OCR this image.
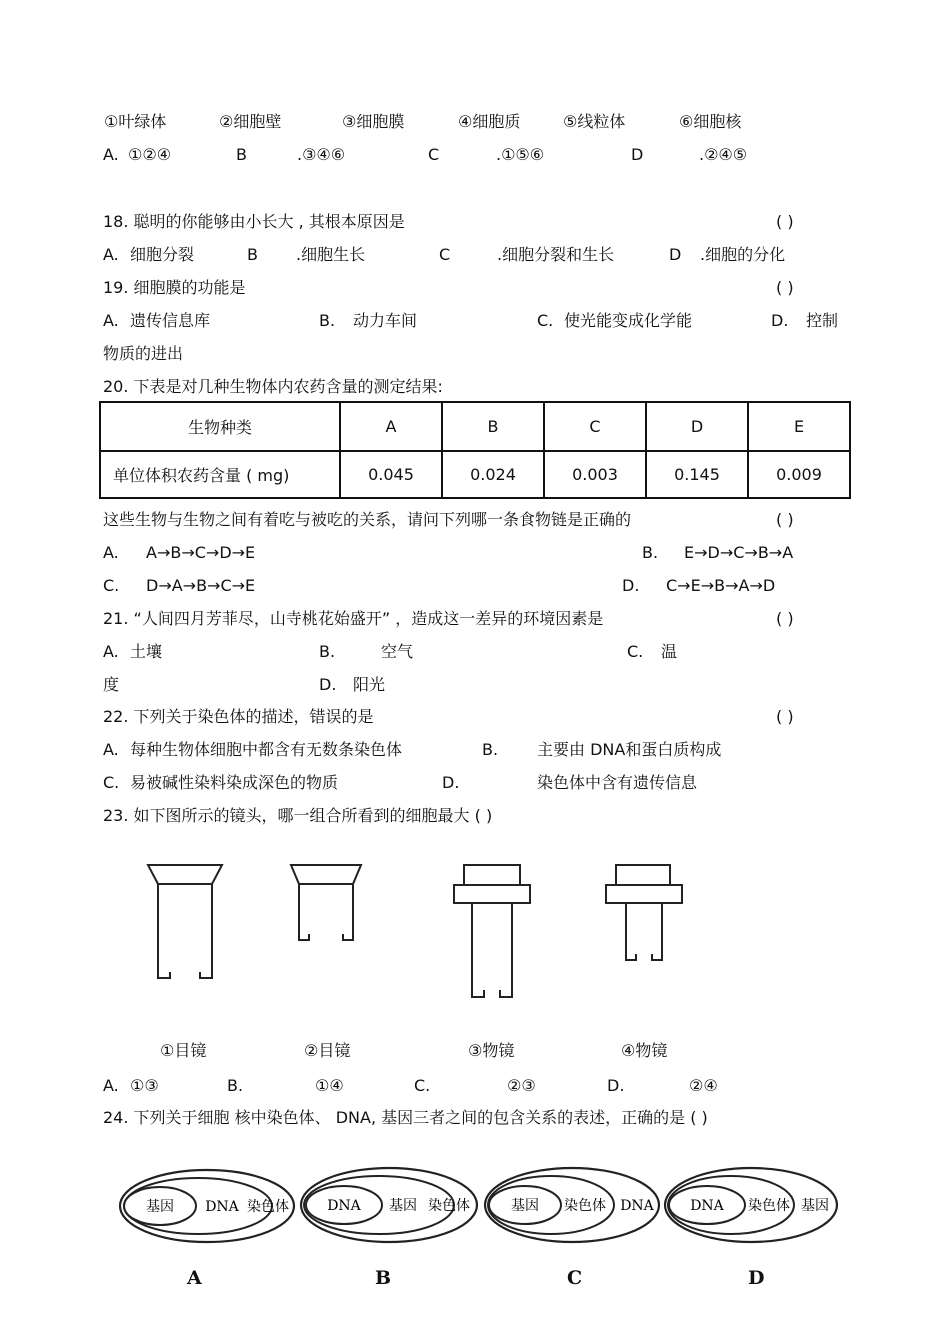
①叶绿体	②细胞壁	③细胞膜	④细胞质	⑤线粒体	⑥细胞核
A. ①②④	B	.③④⑥	C	.①⑤⑥	D	.②④⑤
18. 聪明的你能够由小长大 , 其根本原因是	( )
A. 细胞分裂	B .细胞生长	C	.细胞分裂和生长	D .细胞的分化
19. 细胞膜的功能是	( )
A. 遗传信息库	B. 动力车间	C. 使光能变成化学能	D. 控制
物质的进出
20. 下表是对几种生物体内农药含量的测定结果:
生物种类	A	B	C	D	E
单位体积农药含量 ( mg)	0.045	0.024	0.003	0.145	0.009
这些生物与生物之间有着吃与被吃的关系，请问下列哪一条食物链是正确的	( )
A. A→B→C→D→E	B. E→D→C→B→A
C. D→A→B→C→E	D. C→E→B→A→D
21. “人间四月芳菲尽，山寺桃花始盛开” ，造成这一差异的环境因素是	( )
A. 土壤	B.	空气	C. 温
度	D. 阳光
22. 下列关于染色体的描述，错误的是	( )
A. 每种生物体细胞中都含有无数条染色体	B. 主要由 DNA和蛋白质构成
C. 易被碱性染料染成深色的物质	D.	染色体中含有遗传信息
23. 如下图所示的镜头，哪一组合所看到的细胞最大 ( )
①目镜	②目镜	③物镜	④物镜
A. ①③	B.	①④	C.	②③	D.	②④
24. 下列关于细胞 核中染色体、 DNA, 基因三者之间的包含关系的表述，正确的是 ( )
基因 DNA 染色体	DNA 基因 染色体	基因 染色体 DNA	DNA 染色体 基因
A	B	C	D
